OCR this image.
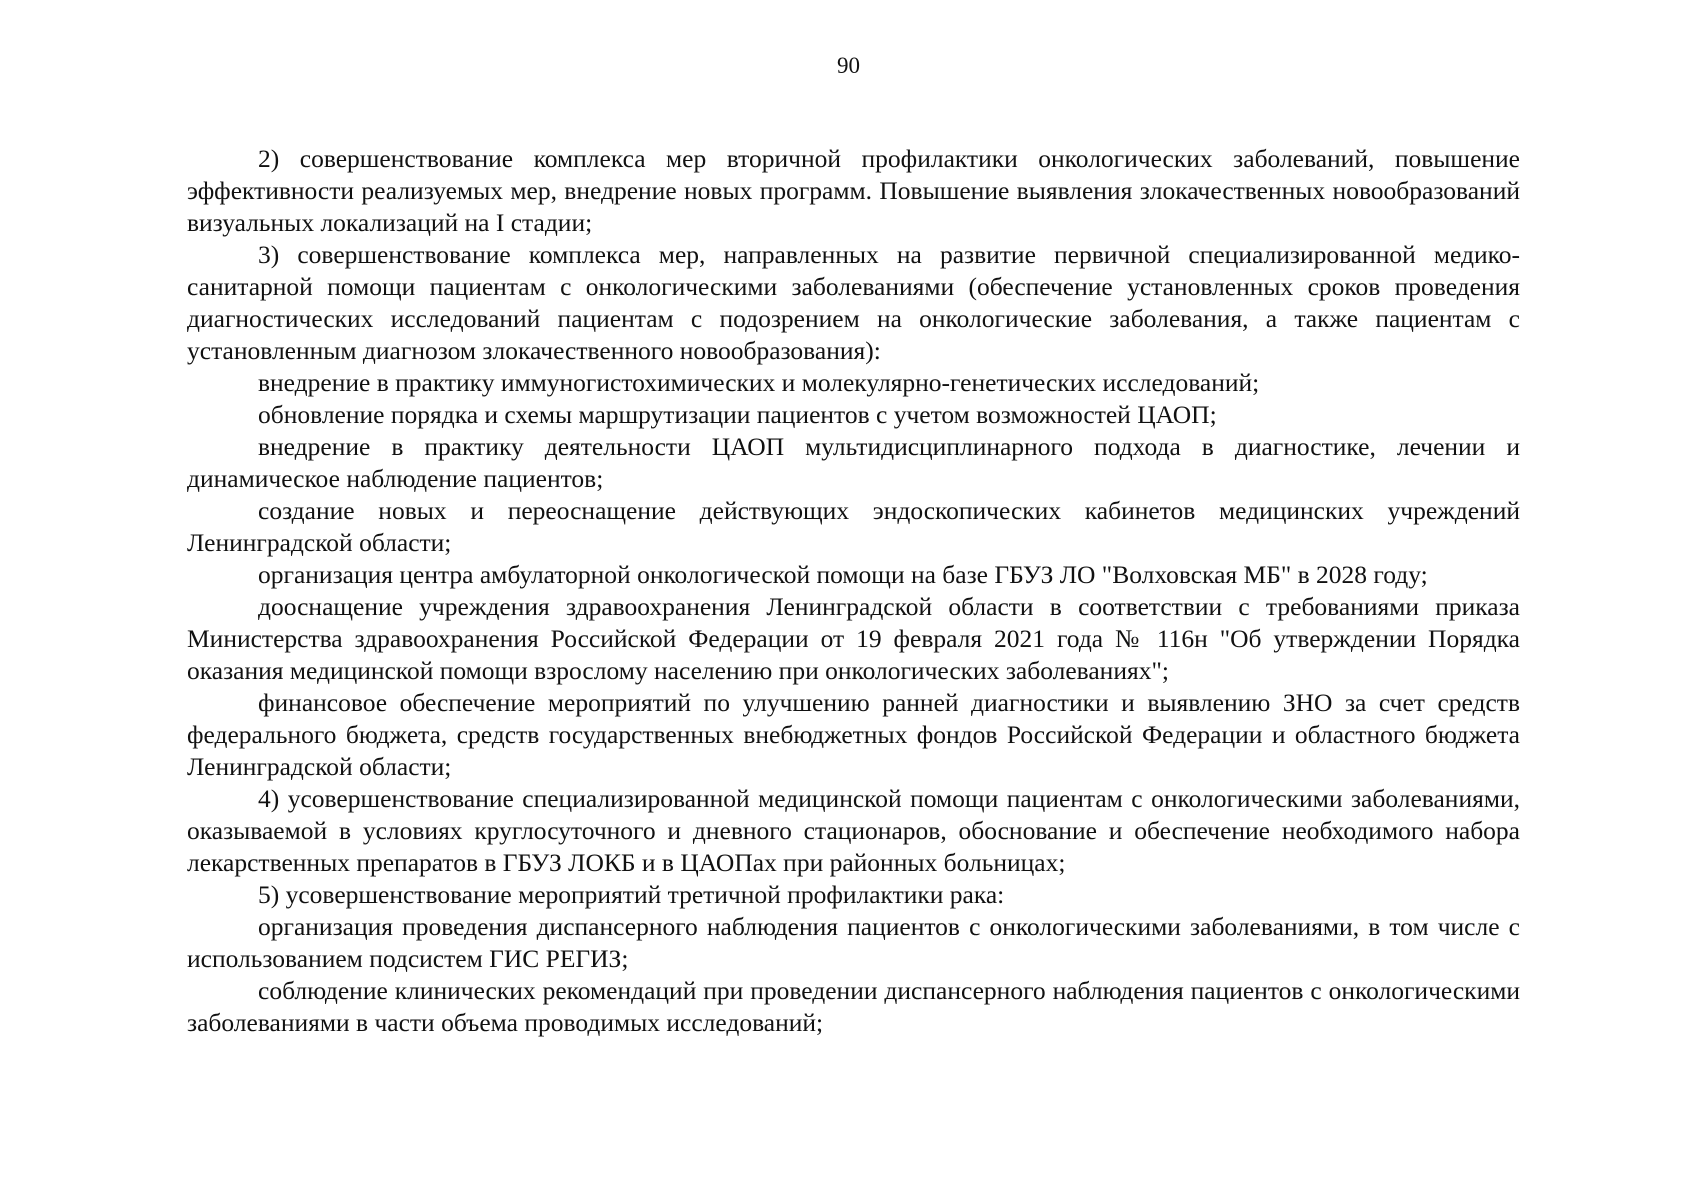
90

2) совершенствование комплекса мер вторичной профилактики онкологических заболеваний, повышение эффективности реализуемых мер, внедрение новых программ. Повышение выявления злокачественных новообразований визуальных локализаций на I стадии;

3) совершенствование комплекса мер, направленных на развитие первичной специализированной медико-санитарной помощи пациентам с онкологическими заболеваниями (обеспечение установленных сроков проведения диагностических исследований пациентам с подозрением на онкологические заболевания, а также пациентам с установленным диагнозом злокачественного новообразования):

внедрение в практику иммуногистохимических и молекулярно-генетических исследований;

обновление порядка и схемы маршрутизации пациентов с учетом возможностей ЦАОП;

внедрение в практику деятельности ЦАОП мультидисциплинарного подхода в диагностике, лечении и динамическое наблюдение пациентов;

создание новых и переоснащение действующих эндоскопических кабинетов медицинских учреждений Ленинградской области;

организация центра амбулаторной онкологической помощи на базе ГБУЗ ЛО "Волховская МБ" в 2028 году;

дооснащение учреждения здравоохранения Ленинградской области в соответствии с требованиями приказа Министерства здравоохранения Российской Федерации от 19 февраля 2021 года № 116н "Об утверждении Порядка оказания медицинской помощи взрослому населению при онкологических заболеваниях";

финансовое обеспечение мероприятий по улучшению ранней диагностики и выявлению ЗНО за счет средств федерального бюджета, средств государственных внебюджетных фондов Российской Федерации и областного бюджета Ленинградской области;

4) усовершенствование специализированной медицинской помощи пациентам с онкологическими заболеваниями, оказываемой в условиях круглосуточного и дневного стационаров, обоснование и обеспечение необходимого набора лекарственных препаратов в ГБУЗ ЛОКБ и в ЦАОПах при районных больницах;

5) усовершенствование мероприятий третичной профилактики рака:

организация проведения диспансерного наблюдения пациентов с онкологическими заболеваниями, в том числе с использованием подсистем ГИС РЕГИЗ;

соблюдение клинических рекомендаций при проведении диспансерного наблюдения пациентов с онкологическими заболеваниями в части объема проводимых исследований;
